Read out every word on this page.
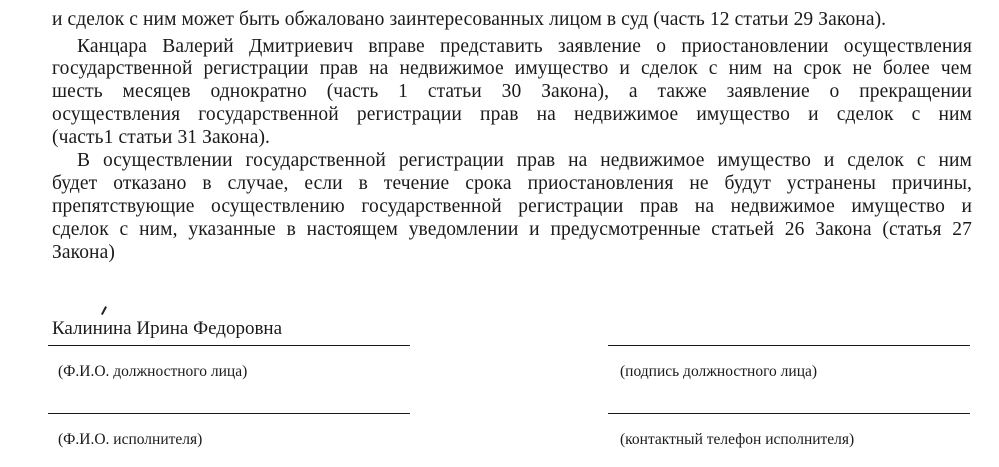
и сделок с ним может быть обжаловано заинтересованных лицом в суд (часть 12 статьи 29 Закона).
Канцара Валерий Дмитриевич вправе представить заявление о приостановлении осуществления
государственной регистрации прав на недвижимое имущество и сделок с ним на срок не более чем
шесть месяцев однократно (часть 1 статьи 30 Закона), а также заявление о прекращении
осуществления государственной регистрации прав на недвижимое имущество и сделок с ним
(часть1 статьи 31 Закона).
В осуществлении государственной регистрации прав на недвижимое имущество и сделок с ним
будет отказано в случае, если в течение срока приостановления не будут устранены причины,
препятствующие осуществлению государственной регистрации прав на недвижимое имущество и
сделок с ним, указанные в настоящем уведомлении и предусмотренные статьей 26 Закона (статья 27
Закона)
Калинина Ирина Федоровна
(Ф.И.О. должностного лица)	(подпись должностного лица)
(Ф.И.О. исполнителя)	(контактный телефон исполнителя)
